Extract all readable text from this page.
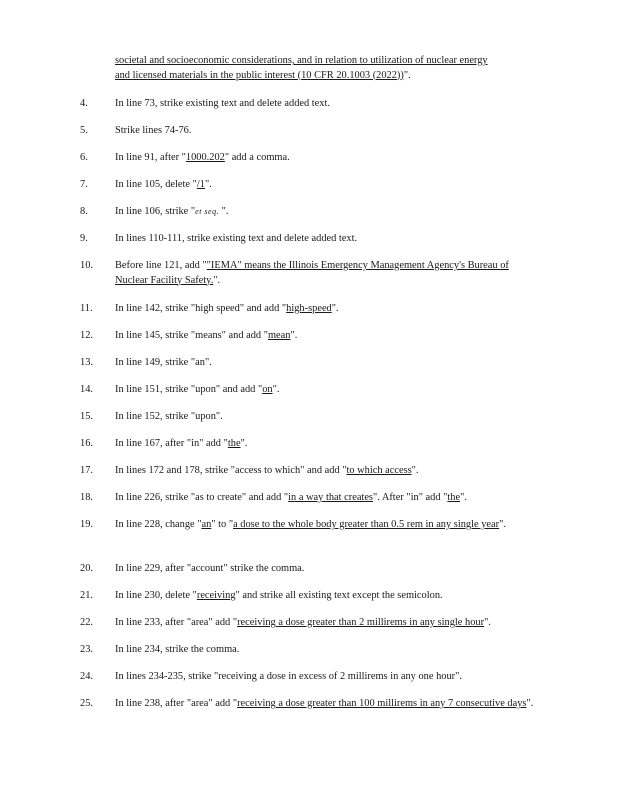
societal and socioeconomic considerations, and in relation to utilization of nuclear energy
and licensed materials in the public interest (10 CFR 20.1003 (2022))".
4.	In line 73, strike existing text and delete added text.
5.	Strike lines 74-76.
6.	In line 91, after "1000.202" add a comma.
7.	In line 105, delete "/1".
8.	In line 106, strike "et seq. ".
9.	In lines 110-111, strike existing text and delete added text.
10.	Before line 121, add ""IEMA" means the Illinois Emergency Management Agency's Bureau of Nuclear Facility Safety.".
11.	In line 142, strike "high speed" and add "high-speed".
12.	In line 145, strike "means" and add "mean".
13.	In line 149, strike "an".
14.	In line 151, strike "upon" and add "on".
15.	In line 152, strike "upon".
16.	In line 167, after "in" add "the".
17.	In lines 172 and 178, strike "access to which" and add "to which access".
18.	In line 226, strike "as to create" and add "in a way that creates". After "in" add "the".
19.	In line 228, change "an" to "a dose to the whole body greater than 0.5 rem in any single year".
20.	In line 229, after "account" strike the comma.
21.	In line 230, delete "receiving" and strike all existing text except the semicolon.
22.	In line 233, after "area" add "receiving a dose greater than 2 millirems in any single hour".
23.	In line 234, strike the comma.
24.	In lines 234-235, strike "receiving a dose in excess of 2 millirems in any one hour".
25.	In line 238, after "area" add "receiving a dose greater than 100 millirems in any 7 consecutive days".
